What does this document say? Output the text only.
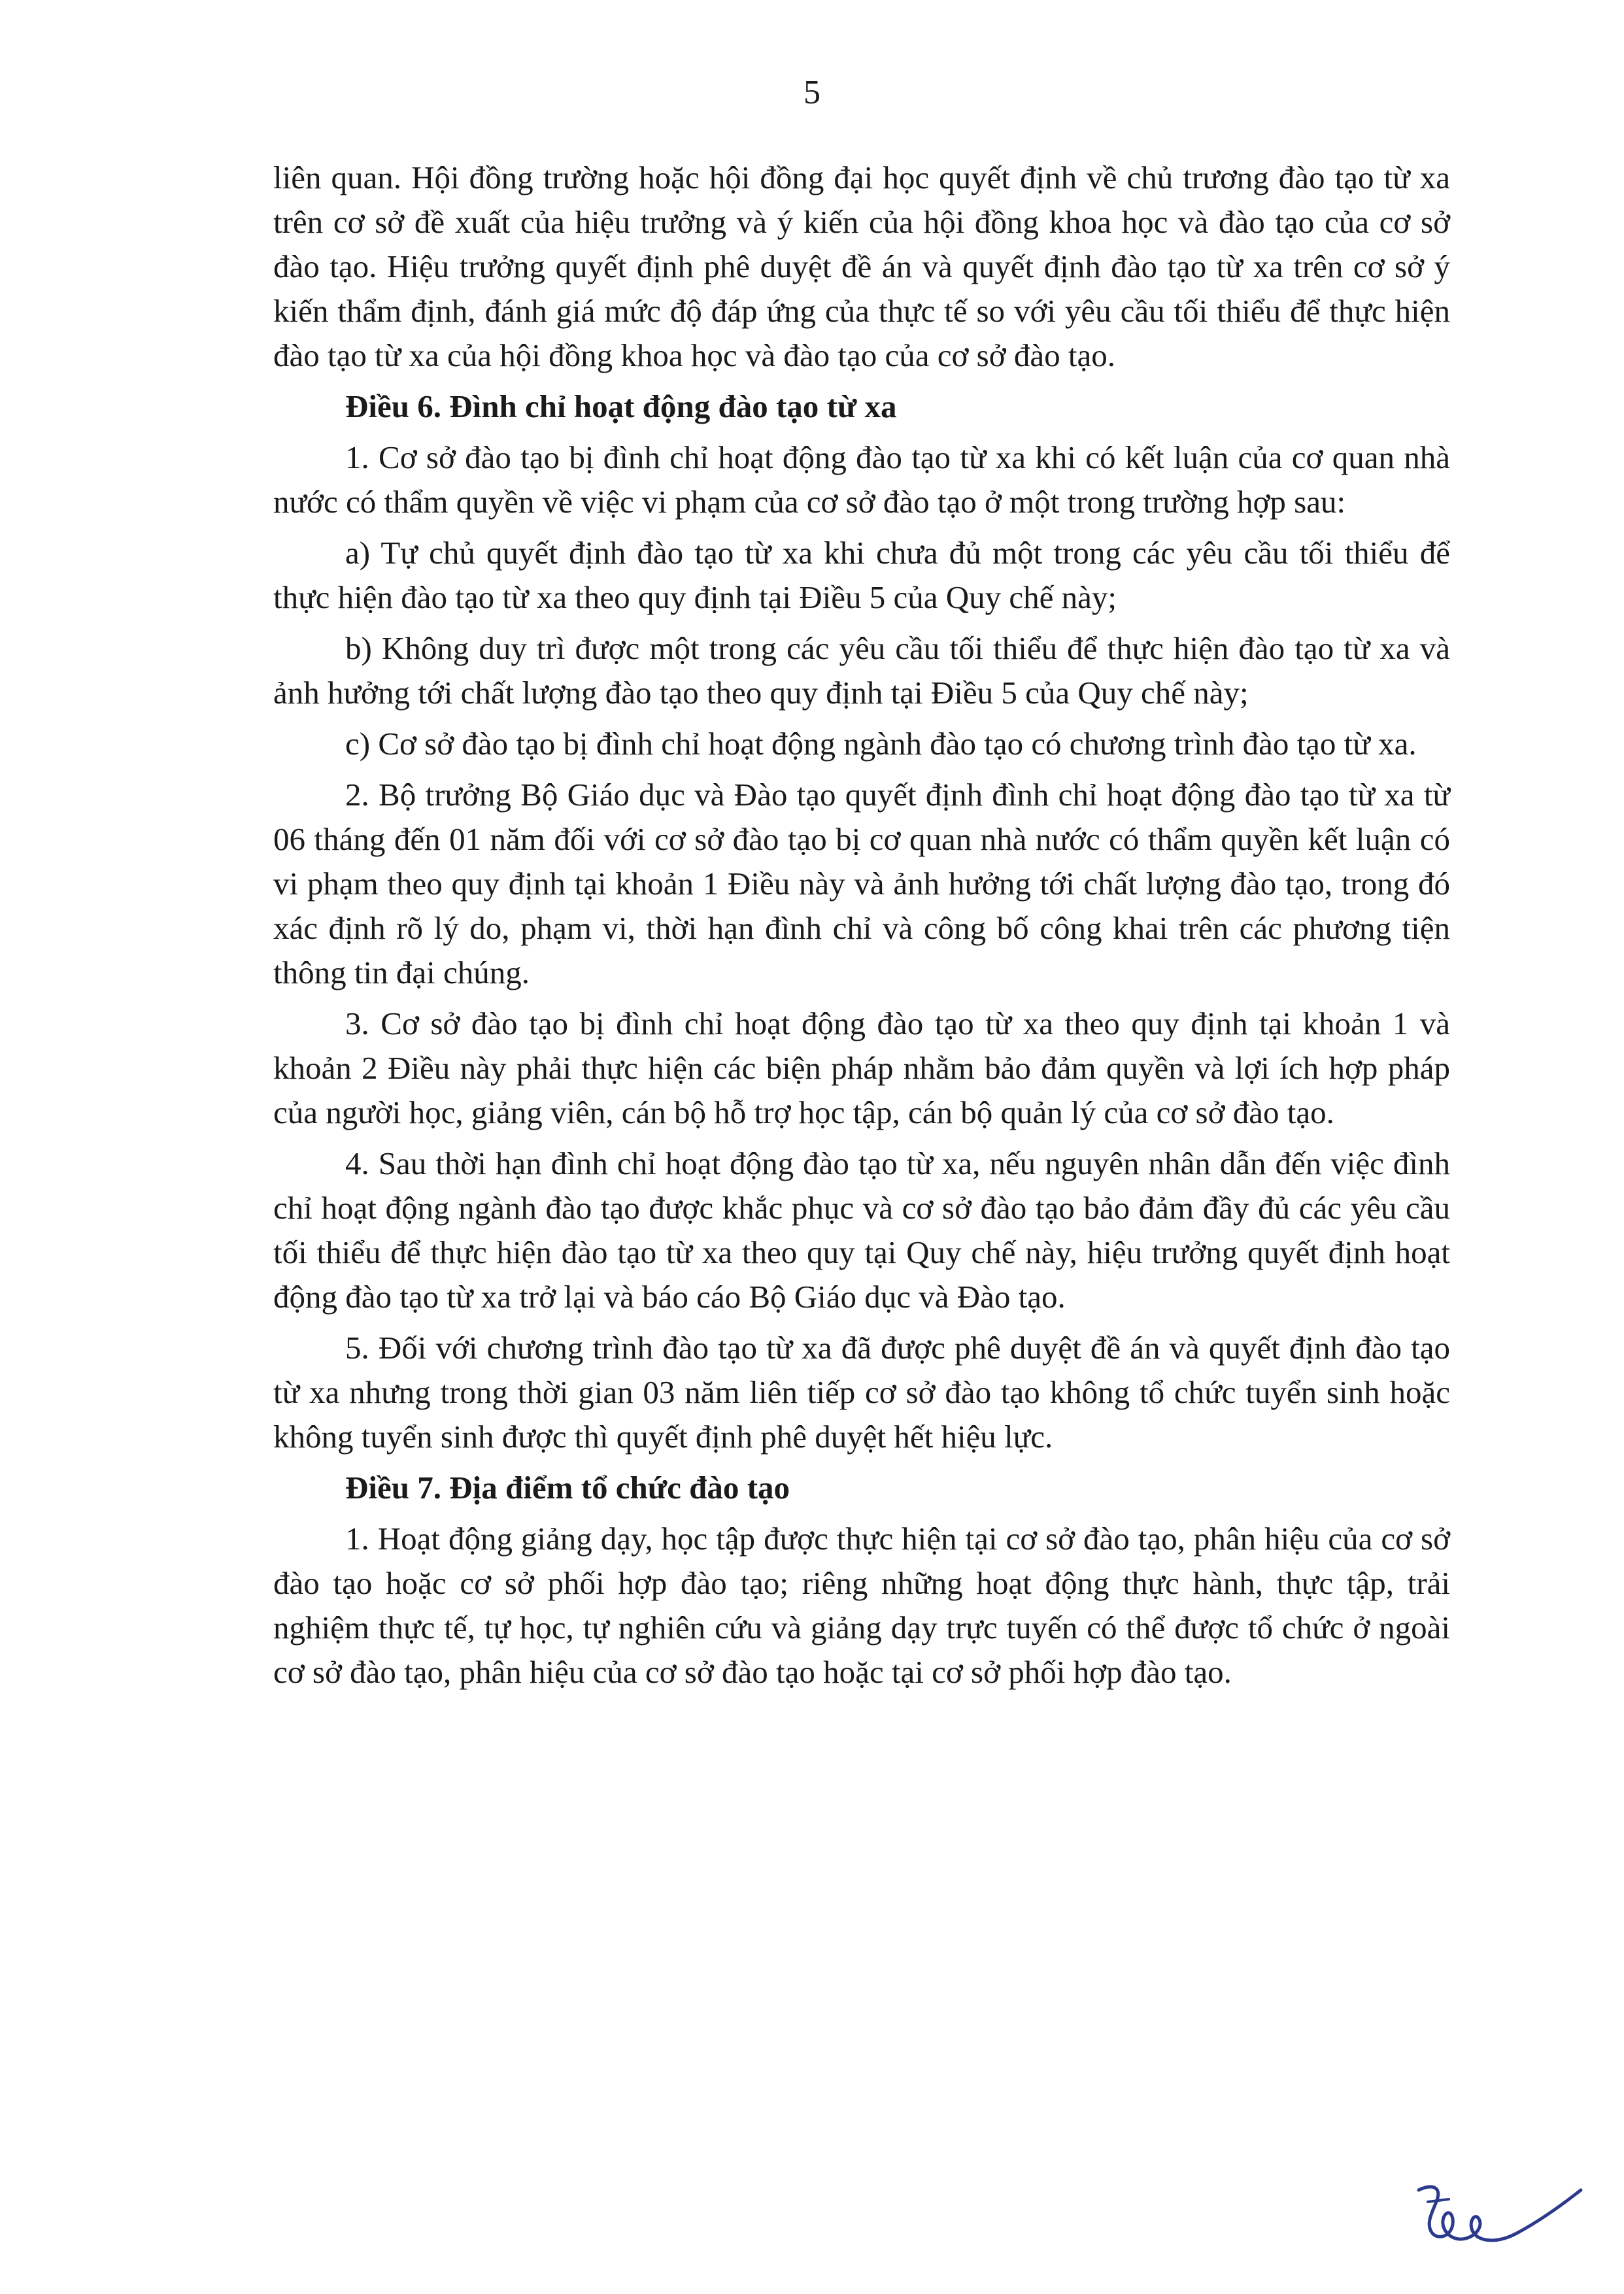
5

liên quan. Hội đồng trường hoặc hội đồng đại học quyết định về chủ trương đào tạo từ xa trên cơ sở đề xuất của hiệu trưởng và ý kiến của hội đồng khoa học và đào tạo của cơ sở đào tạo. Hiệu trưởng quyết định phê duyệt đề án và quyết định đào tạo từ xa trên cơ sở ý kiến thẩm định, đánh giá mức độ đáp ứng của thực tế so với yêu cầu tối thiểu để thực hiện đào tạo từ xa của hội đồng khoa học và đào tạo của cơ sở đào tạo.

Điều 6. Đình chỉ hoạt động đào tạo từ xa

1. Cơ sở đào tạo bị đình chỉ hoạt động đào tạo từ xa khi có kết luận của cơ quan nhà nước có thẩm quyền về việc vi phạm của cơ sở đào tạo ở một trong trường hợp sau:

a) Tự chủ quyết định đào tạo từ xa khi chưa đủ một trong các yêu cầu tối thiểu để thực hiện đào tạo từ xa theo quy định tại Điều 5 của Quy chế này;

b) Không duy trì được một trong các yêu cầu tối thiểu để thực hiện đào tạo từ xa và ảnh hưởng tới chất lượng đào tạo theo quy định tại Điều 5 của Quy chế này;

c) Cơ sở đào tạo bị đình chỉ hoạt động ngành đào tạo có chương trình đào tạo từ xa.

2. Bộ trưởng Bộ Giáo dục và Đào tạo quyết định đình chỉ hoạt động đào tạo từ xa từ 06 tháng đến 01 năm đối với cơ sở đào tạo bị cơ quan nhà nước có thẩm quyền kết luận có vi phạm theo quy định tại khoản 1 Điều này và ảnh hưởng tới chất lượng đào tạo, trong đó xác định rõ lý do, phạm vi, thời hạn đình chỉ và công bố công khai trên các phương tiện thông tin đại chúng.

3. Cơ sở đào tạo bị đình chỉ hoạt động đào tạo từ xa theo quy định tại khoản 1 và khoản 2 Điều này phải thực hiện các biện pháp nhằm bảo đảm quyền và lợi ích hợp pháp của người học, giảng viên, cán bộ hỗ trợ học tập, cán bộ quản lý của cơ sở đào tạo.

4. Sau thời hạn đình chỉ hoạt động đào tạo từ xa, nếu nguyên nhân dẫn đến việc đình chỉ hoạt động ngành đào tạo được khắc phục và cơ sở đào tạo bảo đảm đầy đủ các yêu cầu tối thiểu để thực hiện đào tạo từ xa theo quy tại Quy chế này, hiệu trưởng quyết định hoạt động đào tạo từ xa trở lại và báo cáo Bộ Giáo dục và Đào tạo.

5. Đối với chương trình đào tạo từ xa đã được phê duyệt đề án và quyết định đào tạo từ xa nhưng trong thời gian 03 năm liên tiếp cơ sở đào tạo không tổ chức tuyển sinh hoặc không tuyển sinh được thì quyết định phê duyệt hết hiệu lực.

Điều 7. Địa điểm tổ chức đào tạo

1. Hoạt động giảng dạy, học tập được thực hiện tại cơ sở đào tạo, phân hiệu của cơ sở đào tạo hoặc cơ sở phối hợp đào tạo; riêng những hoạt động thực hành, thực tập, trải nghiệm thực tế, tự học, tự nghiên cứu và giảng dạy trực tuyến có thể được tổ chức ở ngoài cơ sở đào tạo, phân hiệu của cơ sở đào tạo hoặc tại cơ sở phối hợp đào tạo.
